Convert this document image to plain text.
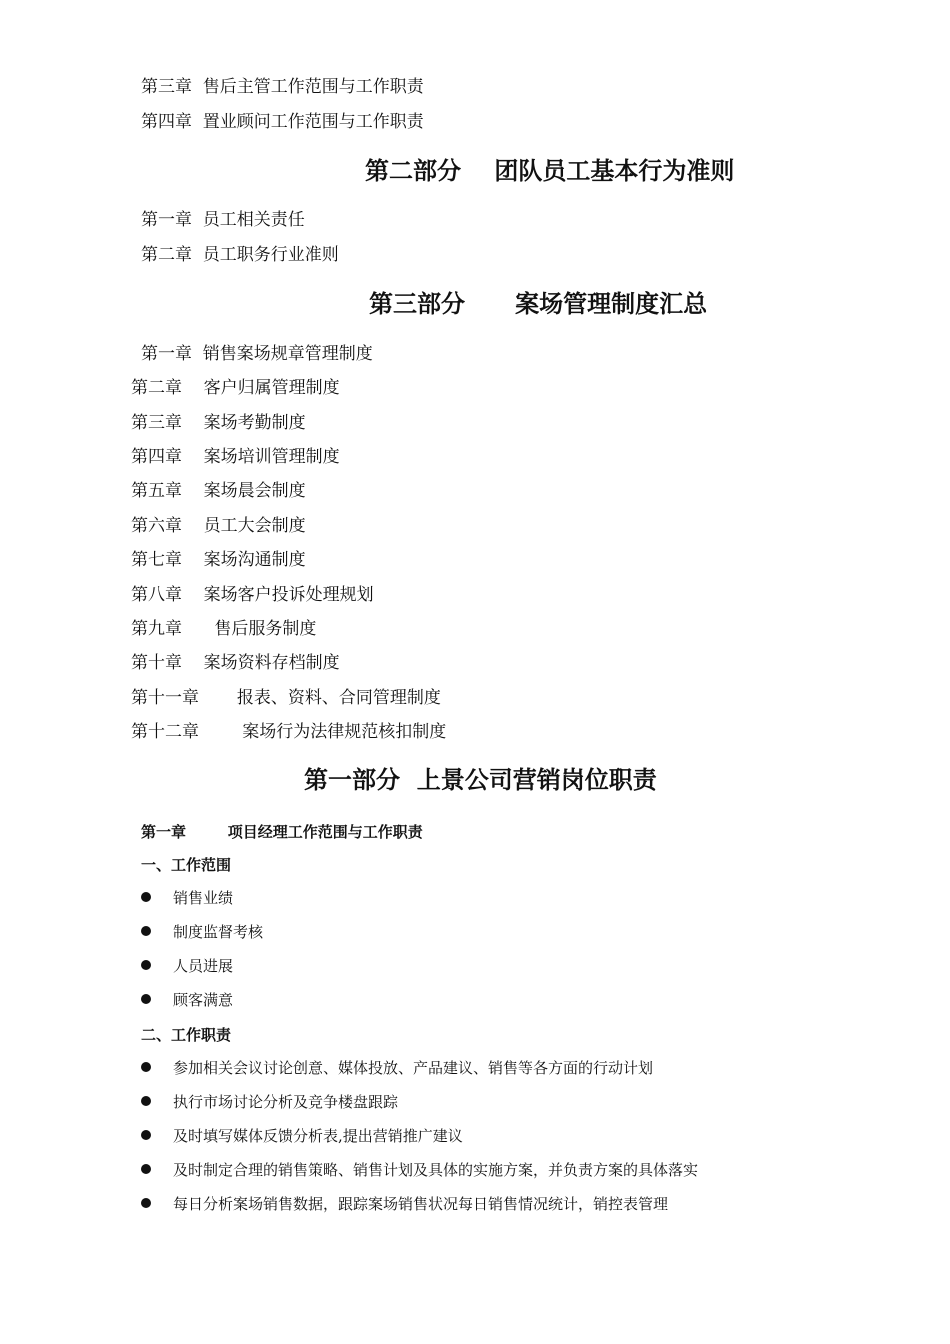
第三章  售后主管工作范围与工作职责
第四章  置业顾问工作范围与工作职责
第二部分    团队员工基本行为准则
第一章  员工相关责任
第二章  员工职务行业准则
第三部分      案场管理制度汇总
第一章  销售案场规章管理制度
第二章    客户归属管理制度
第三章    案场考勤制度
第四章    案场培训管理制度
第五章    案场晨会制度
第六章    员工大会制度
第七章    案场沟通制度
第八章    案场客户投诉处理规划
第九章      售后服务制度
第十章    案场资料存档制度
第十一章       报表、资料、合同管理制度
第十二章        案场行为法律规范核扣制度
第一部分  上景公司营销岗位职责
第一章        项目经理工作范围与工作职责
一、工作范围
销售业绩
制度监督考核
人员进展
顾客满意
二、工作职责
参加相关会议讨论创意、媒体投放、产品建议、销售等各方面的行动计划
执行市场讨论分析及竞争楼盘跟踪
及时填写媒体反馈分析表,提出营销推广建议
及时制定合理的销售策略、销售计划及具体的实施方案，并负责方案的具体落实
每日分析案场销售数据，跟踪案场销售状况每日销售情况统计，销控表管理
